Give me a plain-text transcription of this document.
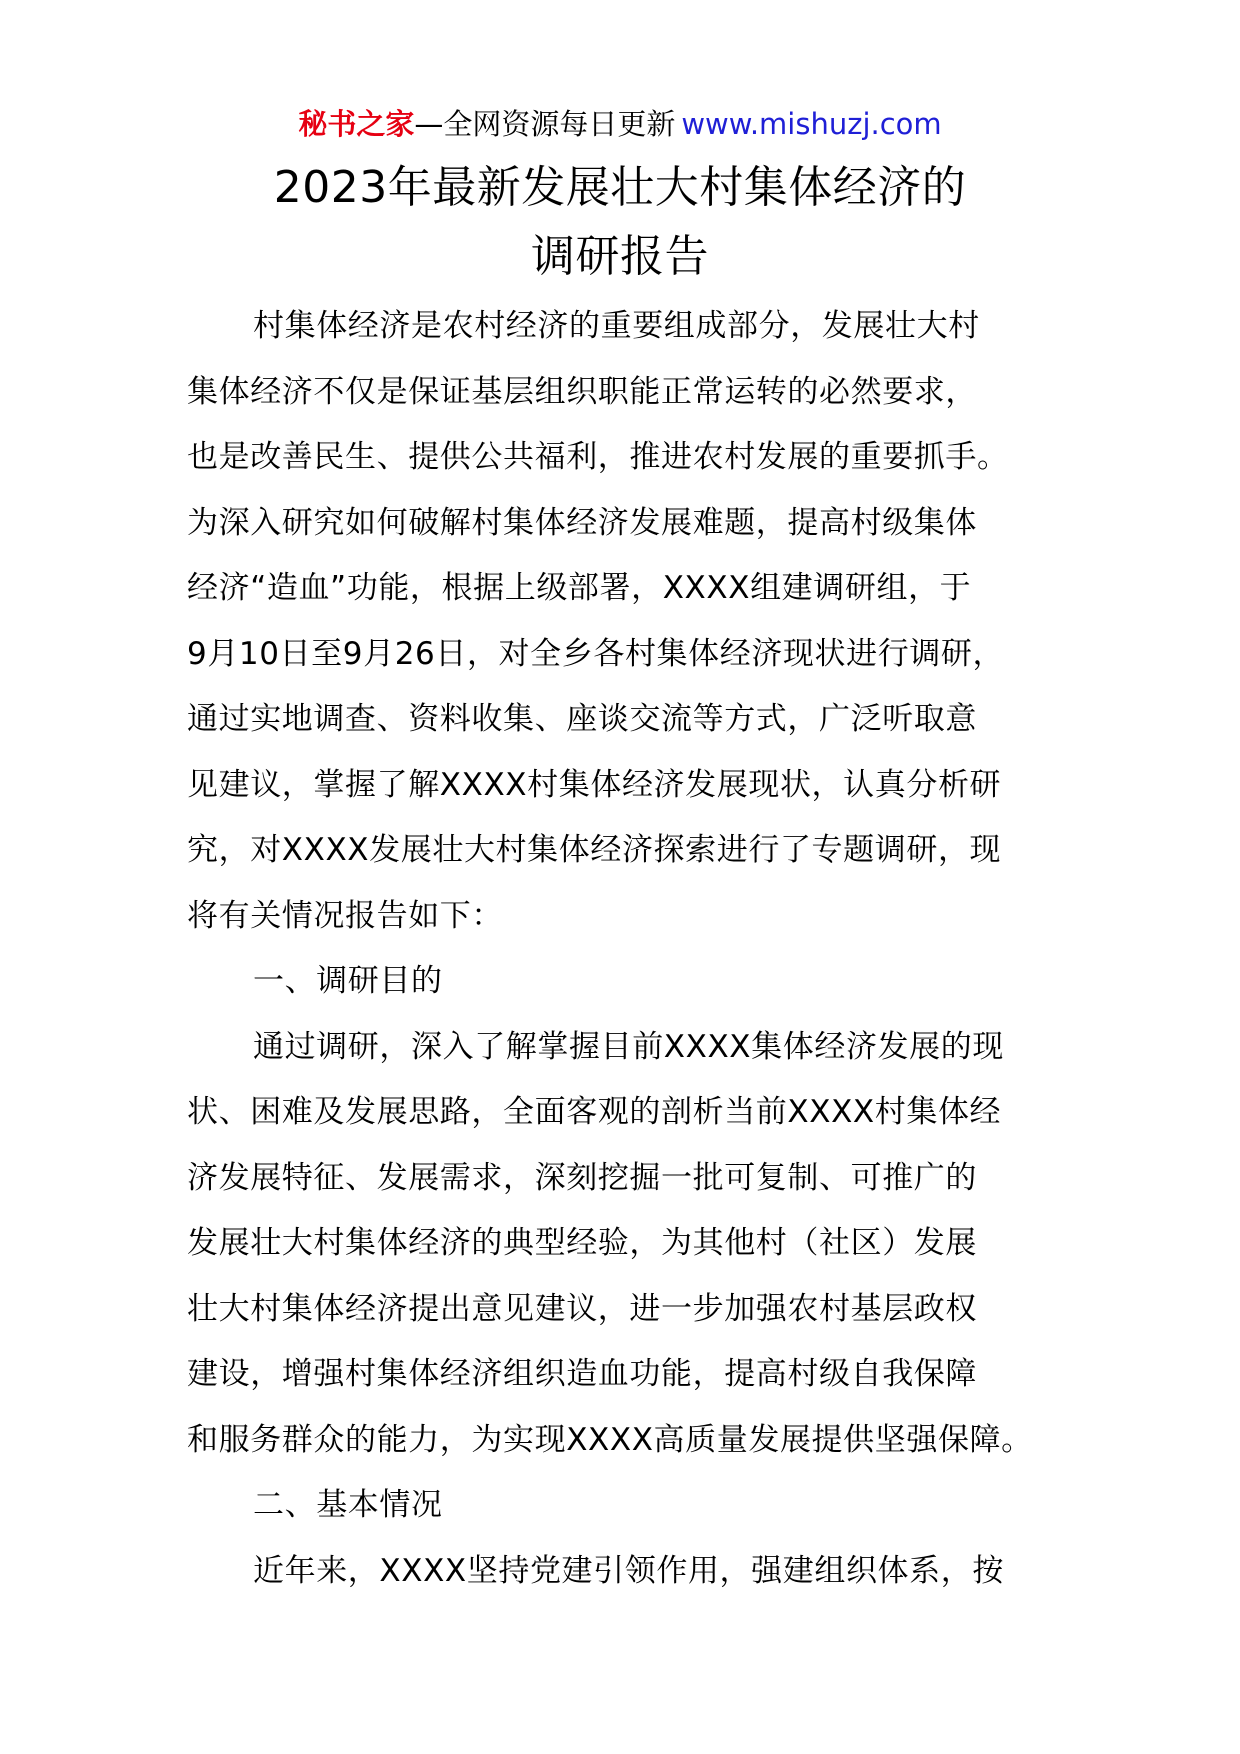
秘书之家—全网资源每日更新 www.mishuzj.com
2023年最新发展壮大村集体经济的
调研报告
村集体经济是农村经济的重要组成部分，发展壮大村
集体经济不仅是保证基层组织职能正常运转的必然要求，
也是改善民生、提供公共福利，推进农村发展的重要抓手。
为深入研究如何破解村集体经济发展难题，提高村级集体
经济“造血”功能，根据上级部署，XXXX组建调研组，于
9月10日至9月26日，对全乡各村集体经济现状进行调研，
通过实地调查、资料收集、座谈交流等方式，广泛听取意
见建议，掌握了解XXXX村集体经济发展现状，认真分析研
究，对XXXX发展壮大村集体经济探索进行了专题调研，现
将有关情况报告如下：
一、调研目的
通过调研，深入了解掌握目前XXXX集体经济发展的现
状、困难及发展思路，全面客观的剖析当前XXXX村集体经
济发展特征、发展需求，深刻挖掘一批可复制、可推广的
发展壮大村集体经济的典型经验，为其他村（社区）发展
壮大村集体经济提出意见建议，进一步加强农村基层政权
建设，增强村集体经济组织造血功能，提高村级自我保障
和服务群众的能力，为实现XXXX高质量发展提供坚强保障。
二、基本情况
近年来，XXXX坚持党建引领作用，强建组织体系，按
